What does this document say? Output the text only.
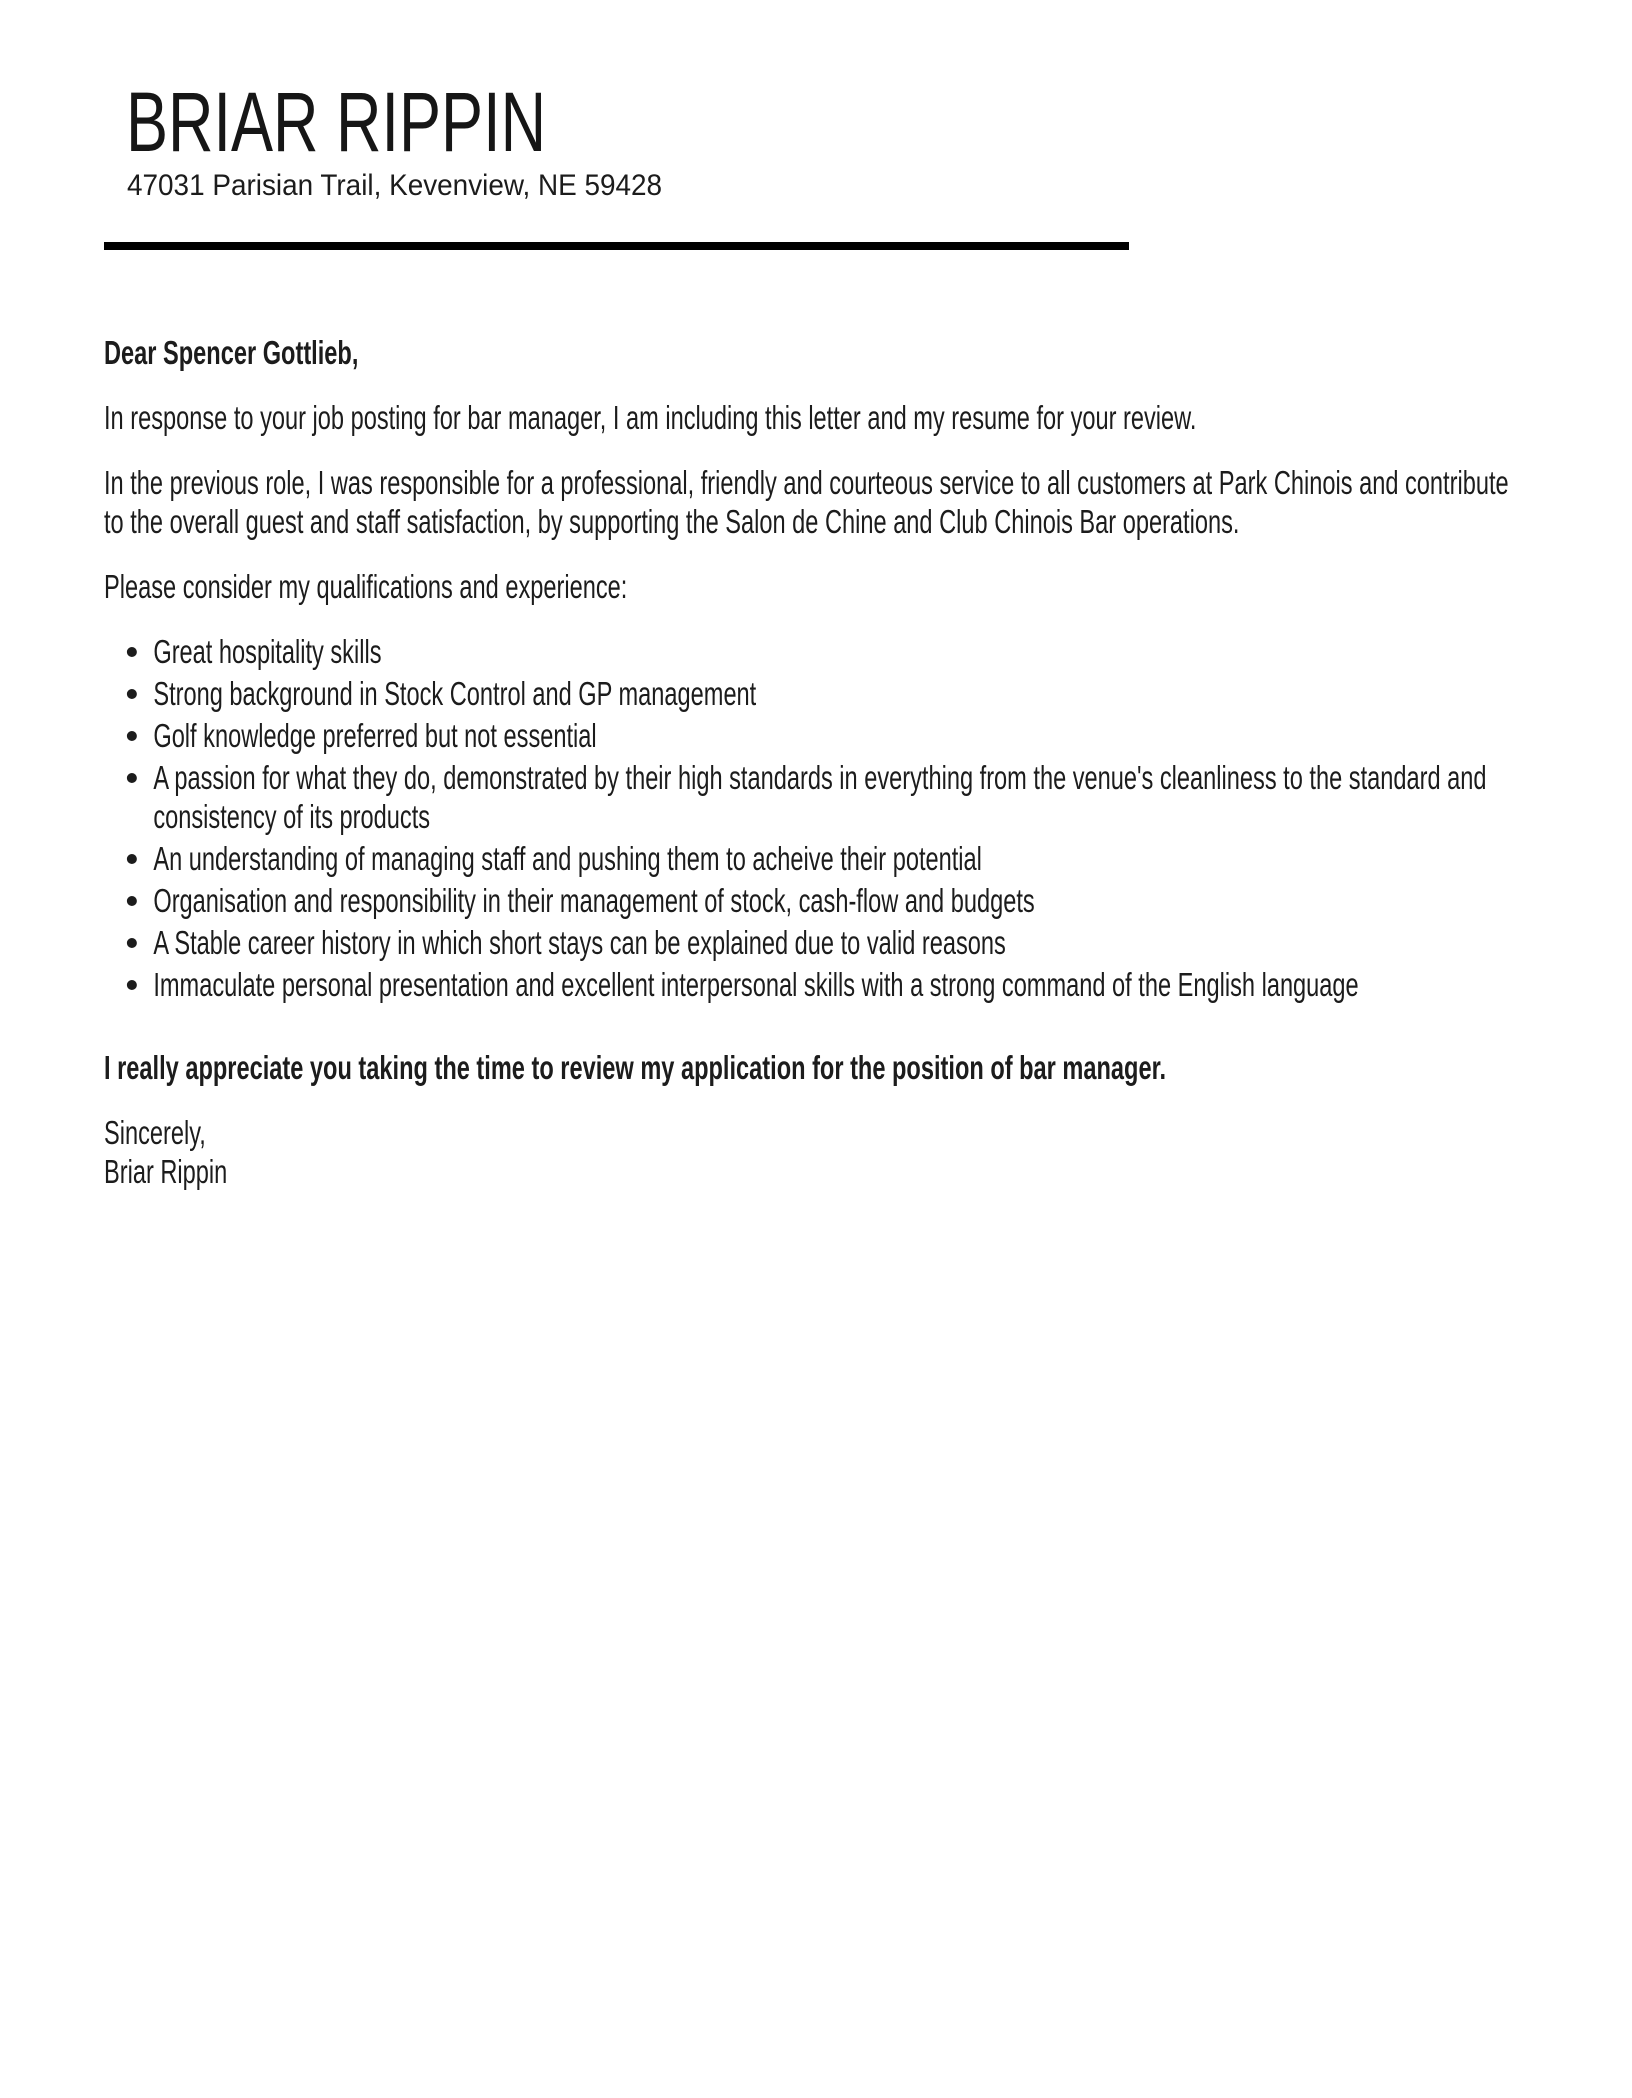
BRIAR RIPPIN
47031 Parisian Trail, Kevenview, NE 59428

Dear Spencer Gottlieb,

In response to your job posting for bar manager, I am including this letter and my resume for your review.

In the previous role, I was responsible for a professional, friendly and courteous service to all customers at Park Chinois and contribute to the overall guest and staff satisfaction, by supporting the Salon de Chine and Club Chinois Bar operations.

Please consider my qualifications and experience:

Great hospitality skills
Strong background in Stock Control and GP management
Golf knowledge preferred but not essential
A passion for what they do, demonstrated by their high standards in everything from the venue's cleanliness to the standard and consistency of its products
An understanding of managing staff and pushing them to acheive their potential
Organisation and responsibility in their management of stock, cash-flow and budgets
A Stable career history in which short stays can be explained due to valid reasons
Immaculate personal presentation and excellent interpersonal skills with a strong command of the English language

I really appreciate you taking the time to review my application for the position of bar manager.

Sincerely,
Briar Rippin
